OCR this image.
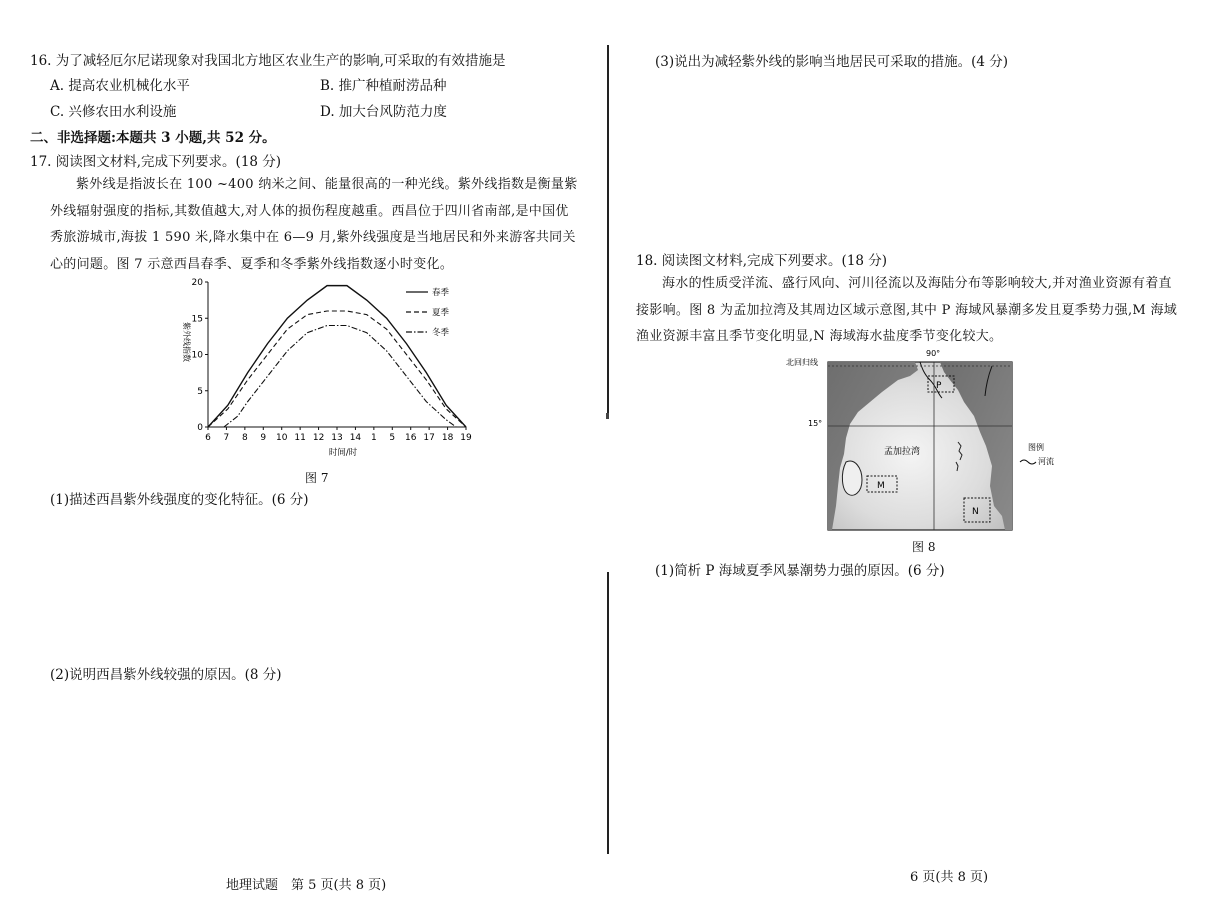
16. 为了减轻厄尔尼诺现象对我国北方地区农业生产的影响,可采取的有效措施是
A. 提高农业机械化水平	B. 推广种植耐涝品种
C. 兴修农田水利设施	D. 加大台风防范力度
二、非选择题:本题共 3 小题,共 52 分。
17. 阅读图文材料,完成下列要求。(18 分)
紫外线是指波长在 100 ~400 纳米之间、能量很高的一种光线。紫外线指数是衡量紫外线辐射强度的指标,其数值越大,对人体的损伤程度越重。西昌位于四川省南部,是中国优秀旅游城市,海拔 1 590 米,降水集中在 6—9 月,紫外线强度是当地居民和外来游客共同关心的问题。图 7 示意西昌春季、夏季和冬季紫外线指数逐小时变化。
0
5
10
15
20
6 7 8 9 10 11 12 13 14 1 5 16 17 18 19
春季
夏季
冬季
紫外线指数
时间/时
图 7
(1)描述西昌紫外线强度的变化特征。(6 分)
(2)说明西昌紫外线较强的原因。(8 分)
地理试题　第 5 页(共 8 页)
(3)说出为减轻紫外线的影响当地居民可采取的措施。(4 分)
18. 阅读图文材料,完成下列要求。(18 分)
海水的性质受洋流、盛行风向、河川径流以及海陆分布等影响较大,并对渔业资源有着直接影响。图 8 为孟加拉湾及其周边区域示意图,其中 P 海域风暴潮多发且夏季势力强,M 海域渔业资源丰富且季节变化明显,N 海域海水盐度季节变化较大。
P
M
N
北回归线
90°
15°
孟加拉湾	图例
河流
图 8
(1)简析 P 海域夏季风暴潮势力强的原因。(6 分)
6 页(共 8 页)
